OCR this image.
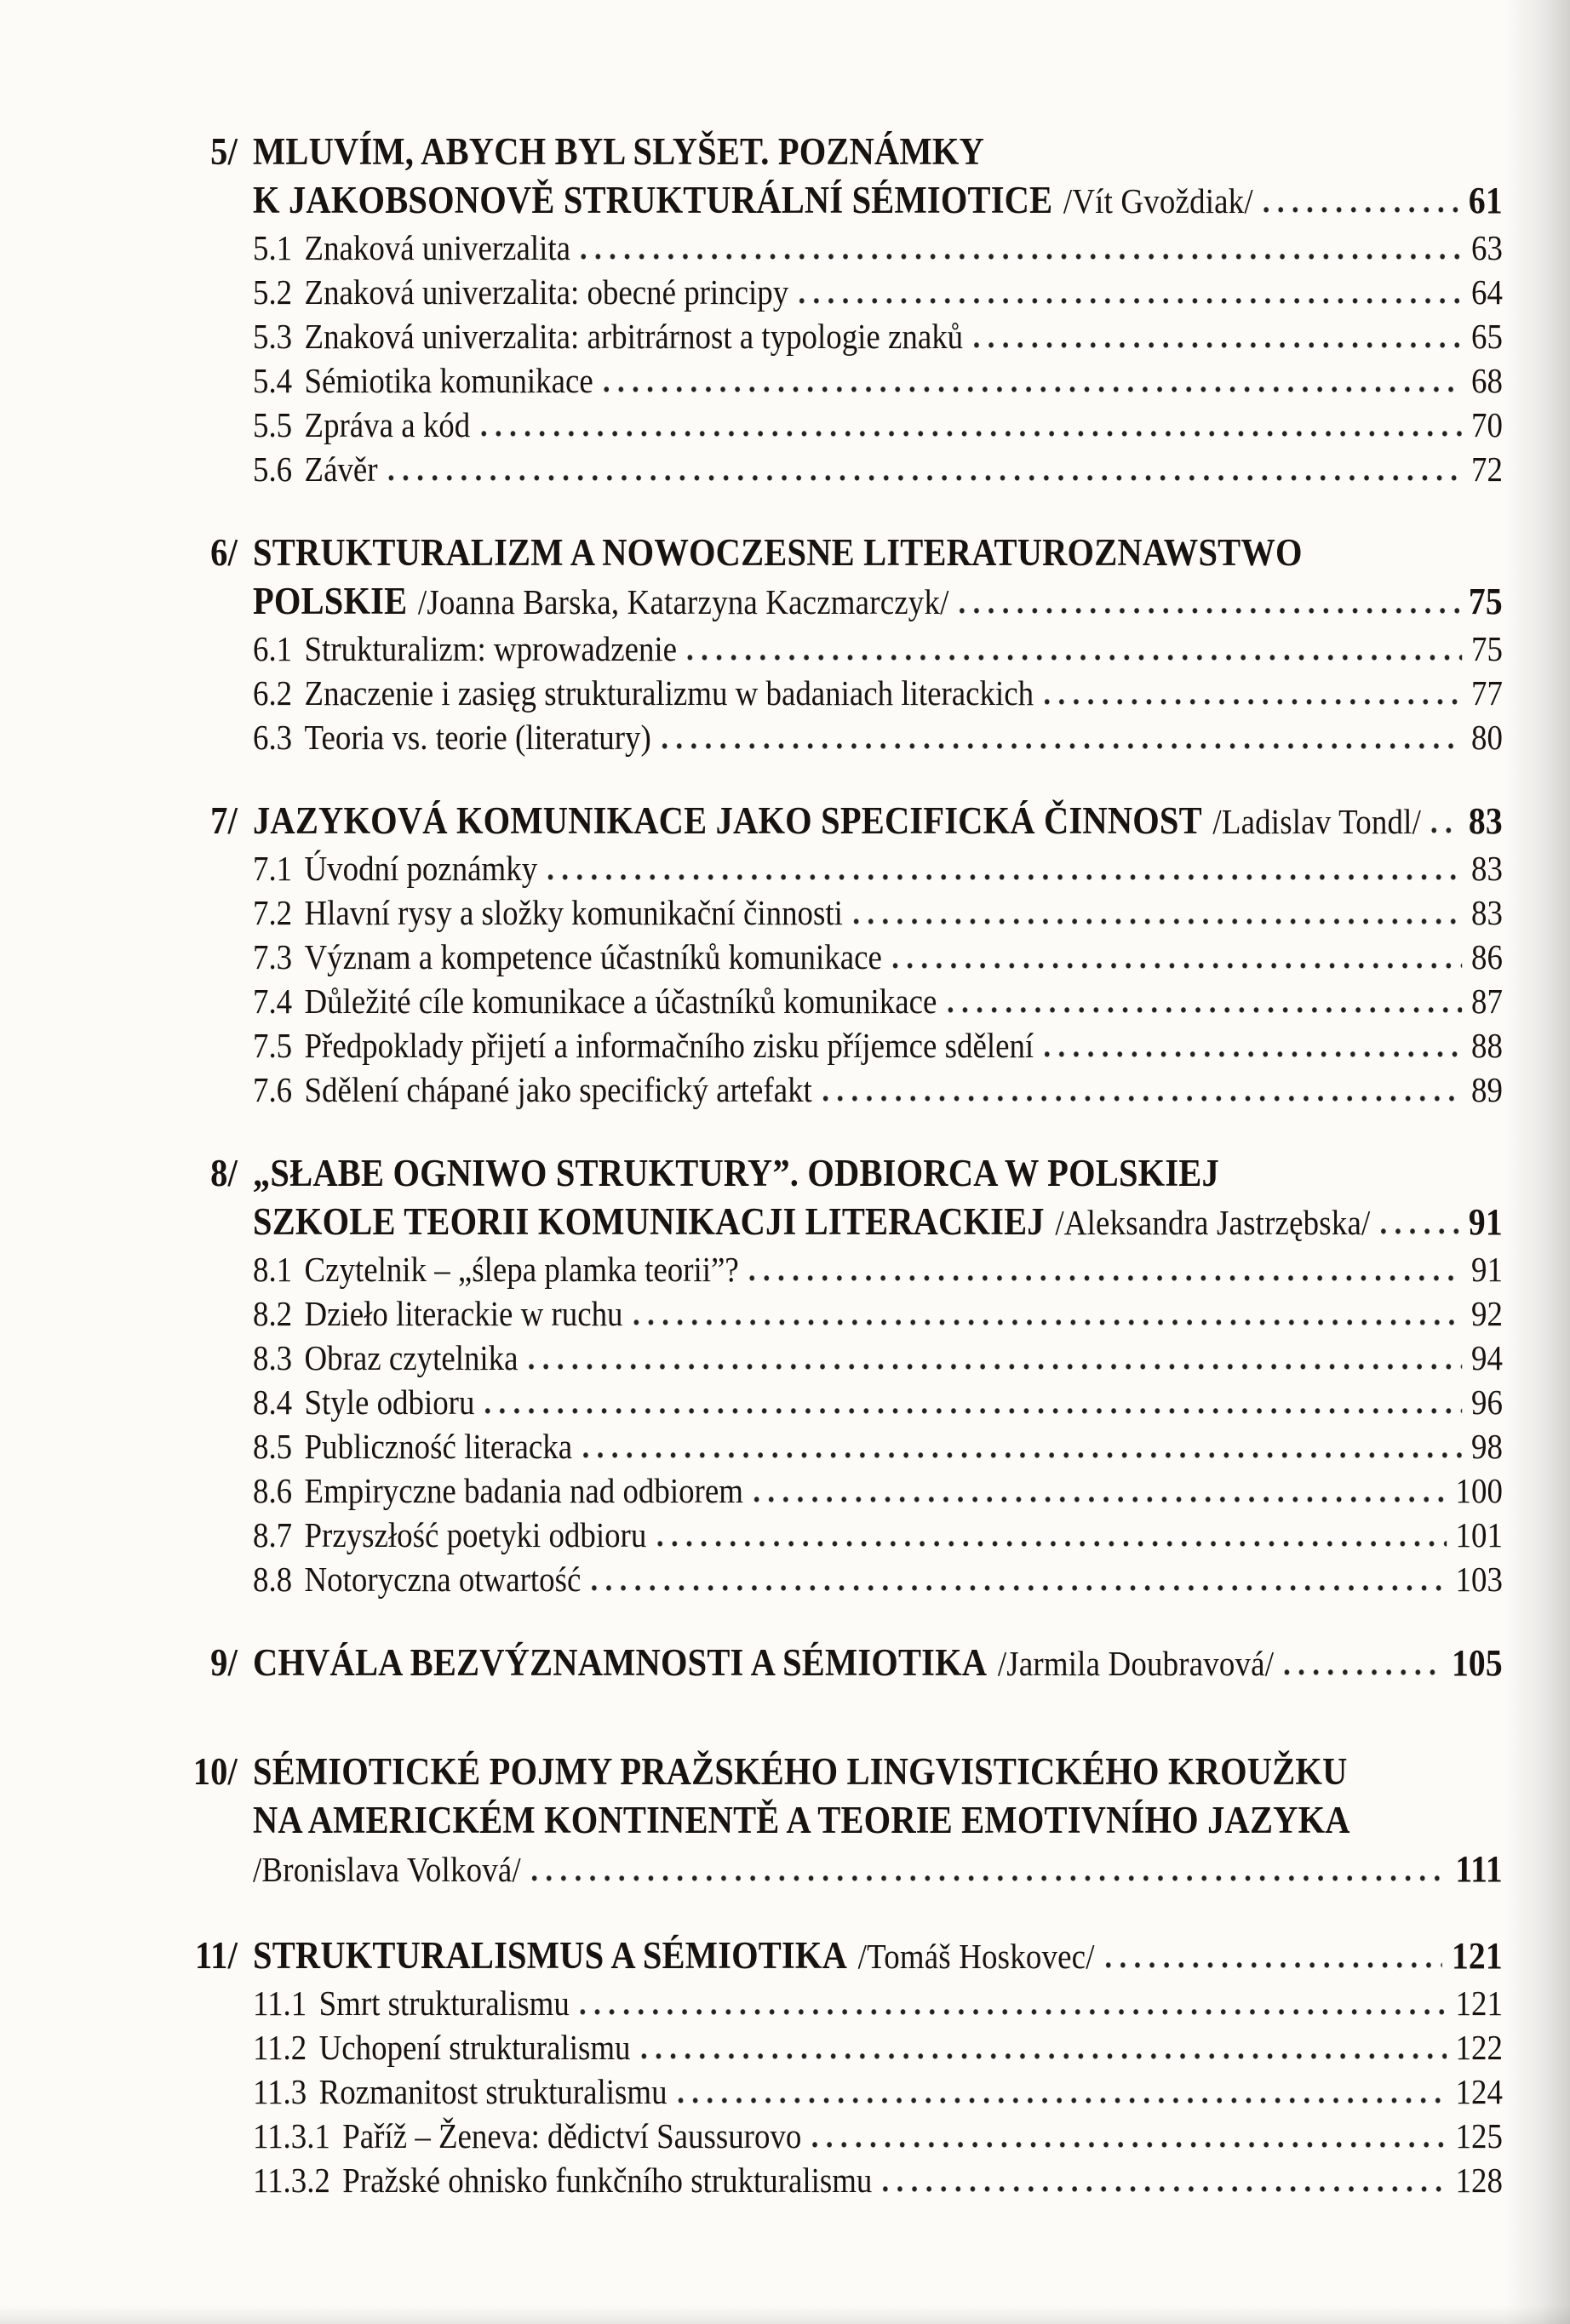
5/ MLUVÍM, ABYCH BYL SLYŠET. POZNÁMKY
K JAKOBSONOVĚ STRUKTURÁLNÍ SÉMIOTICE /Vít Gvoždiak/	61
5.1 Znaková univerzalita	63
5.2 Znaková univerzalita: obecné principy	64
5.3 Znaková univerzalita: arbitrárnost a typologie znaků	65
5.4 Sémiotika komunikace	68
5.5 Zpráva a kód	70
5.6 Závěr	72
6/ STRUKTURALIZM A NOWOCZESNE LITERATUROZNAWSTWO
POLSKIE /Joanna Barska, Katarzyna Kaczmarczyk/	75
6.1 Strukturalizm: wprowadzenie	75
6.2 Znaczenie i zasięg strukturalizmu w badaniach literackich	77
6.3 Teoria vs. teorie (literatury)	80
7/ JAZYKOVÁ KOMUNIKACE JAKO SPECIFICKÁ ČINNOST /Ladislav Tondl/ 83
7.1 Úvodní poznámky	83
7.2 Hlavní rysy a složky komunikační činnosti	83
7.3 Význam a kompetence účastníků komunikace	86
7.4 Důležité cíle komunikace a účastníků komunikace	87
7.5 Předpoklady přijetí a informačního zisku příjemce sdělení	88
7.6 Sdělení chápané jako specifický artefakt	89
8/ „SŁABE OGNIWO STRUKTURY”. ODBIORCA W POLSKIEJ
SZKOLE TEORII KOMUNIKACJI LITERACKIEJ /Aleksandra Jastrzębska/	91
8.1 Czytelnik – „ślepa plamka teorii”?	91
8.2 Dzieło literackie w ruchu	92
8.3 Obraz czytelnika	94
8.4 Style odbioru	96
8.5 Publiczność literacka	98
8.6 Empiryczne badania nad odbiorem	100
8.7 Przyszłość poetyki odbioru	101
8.8 Notoryczna otwartość	103
9/ CHVÁLA BEZVÝZNAMNOSTI A SÉMIOTIKA /Jarmila Doubravová/	105
10/ SÉMIOTICKÉ POJMY PRAŽSKÉHO LINGVISTICKÉHO KROUŽKU
NA AMERICKÉM KONTINENTĚ A TEORIE EMOTIVNÍHO JAZYKA
/Bronislava Volková/	111
11/ STRUKTURALISMUS A SÉMIOTIKA /Tomáš Hoskovec/	121
11.1 Smrt strukturalismu	121
11.2 Uchopení strukturalismu	122
11.3 Rozmanitost strukturalismu	124
11.3.1 Paříž – Ženeva: dědictví Saussurovo	125
11.3.2 Pražské ohnisko funkčního strukturalismu	128
